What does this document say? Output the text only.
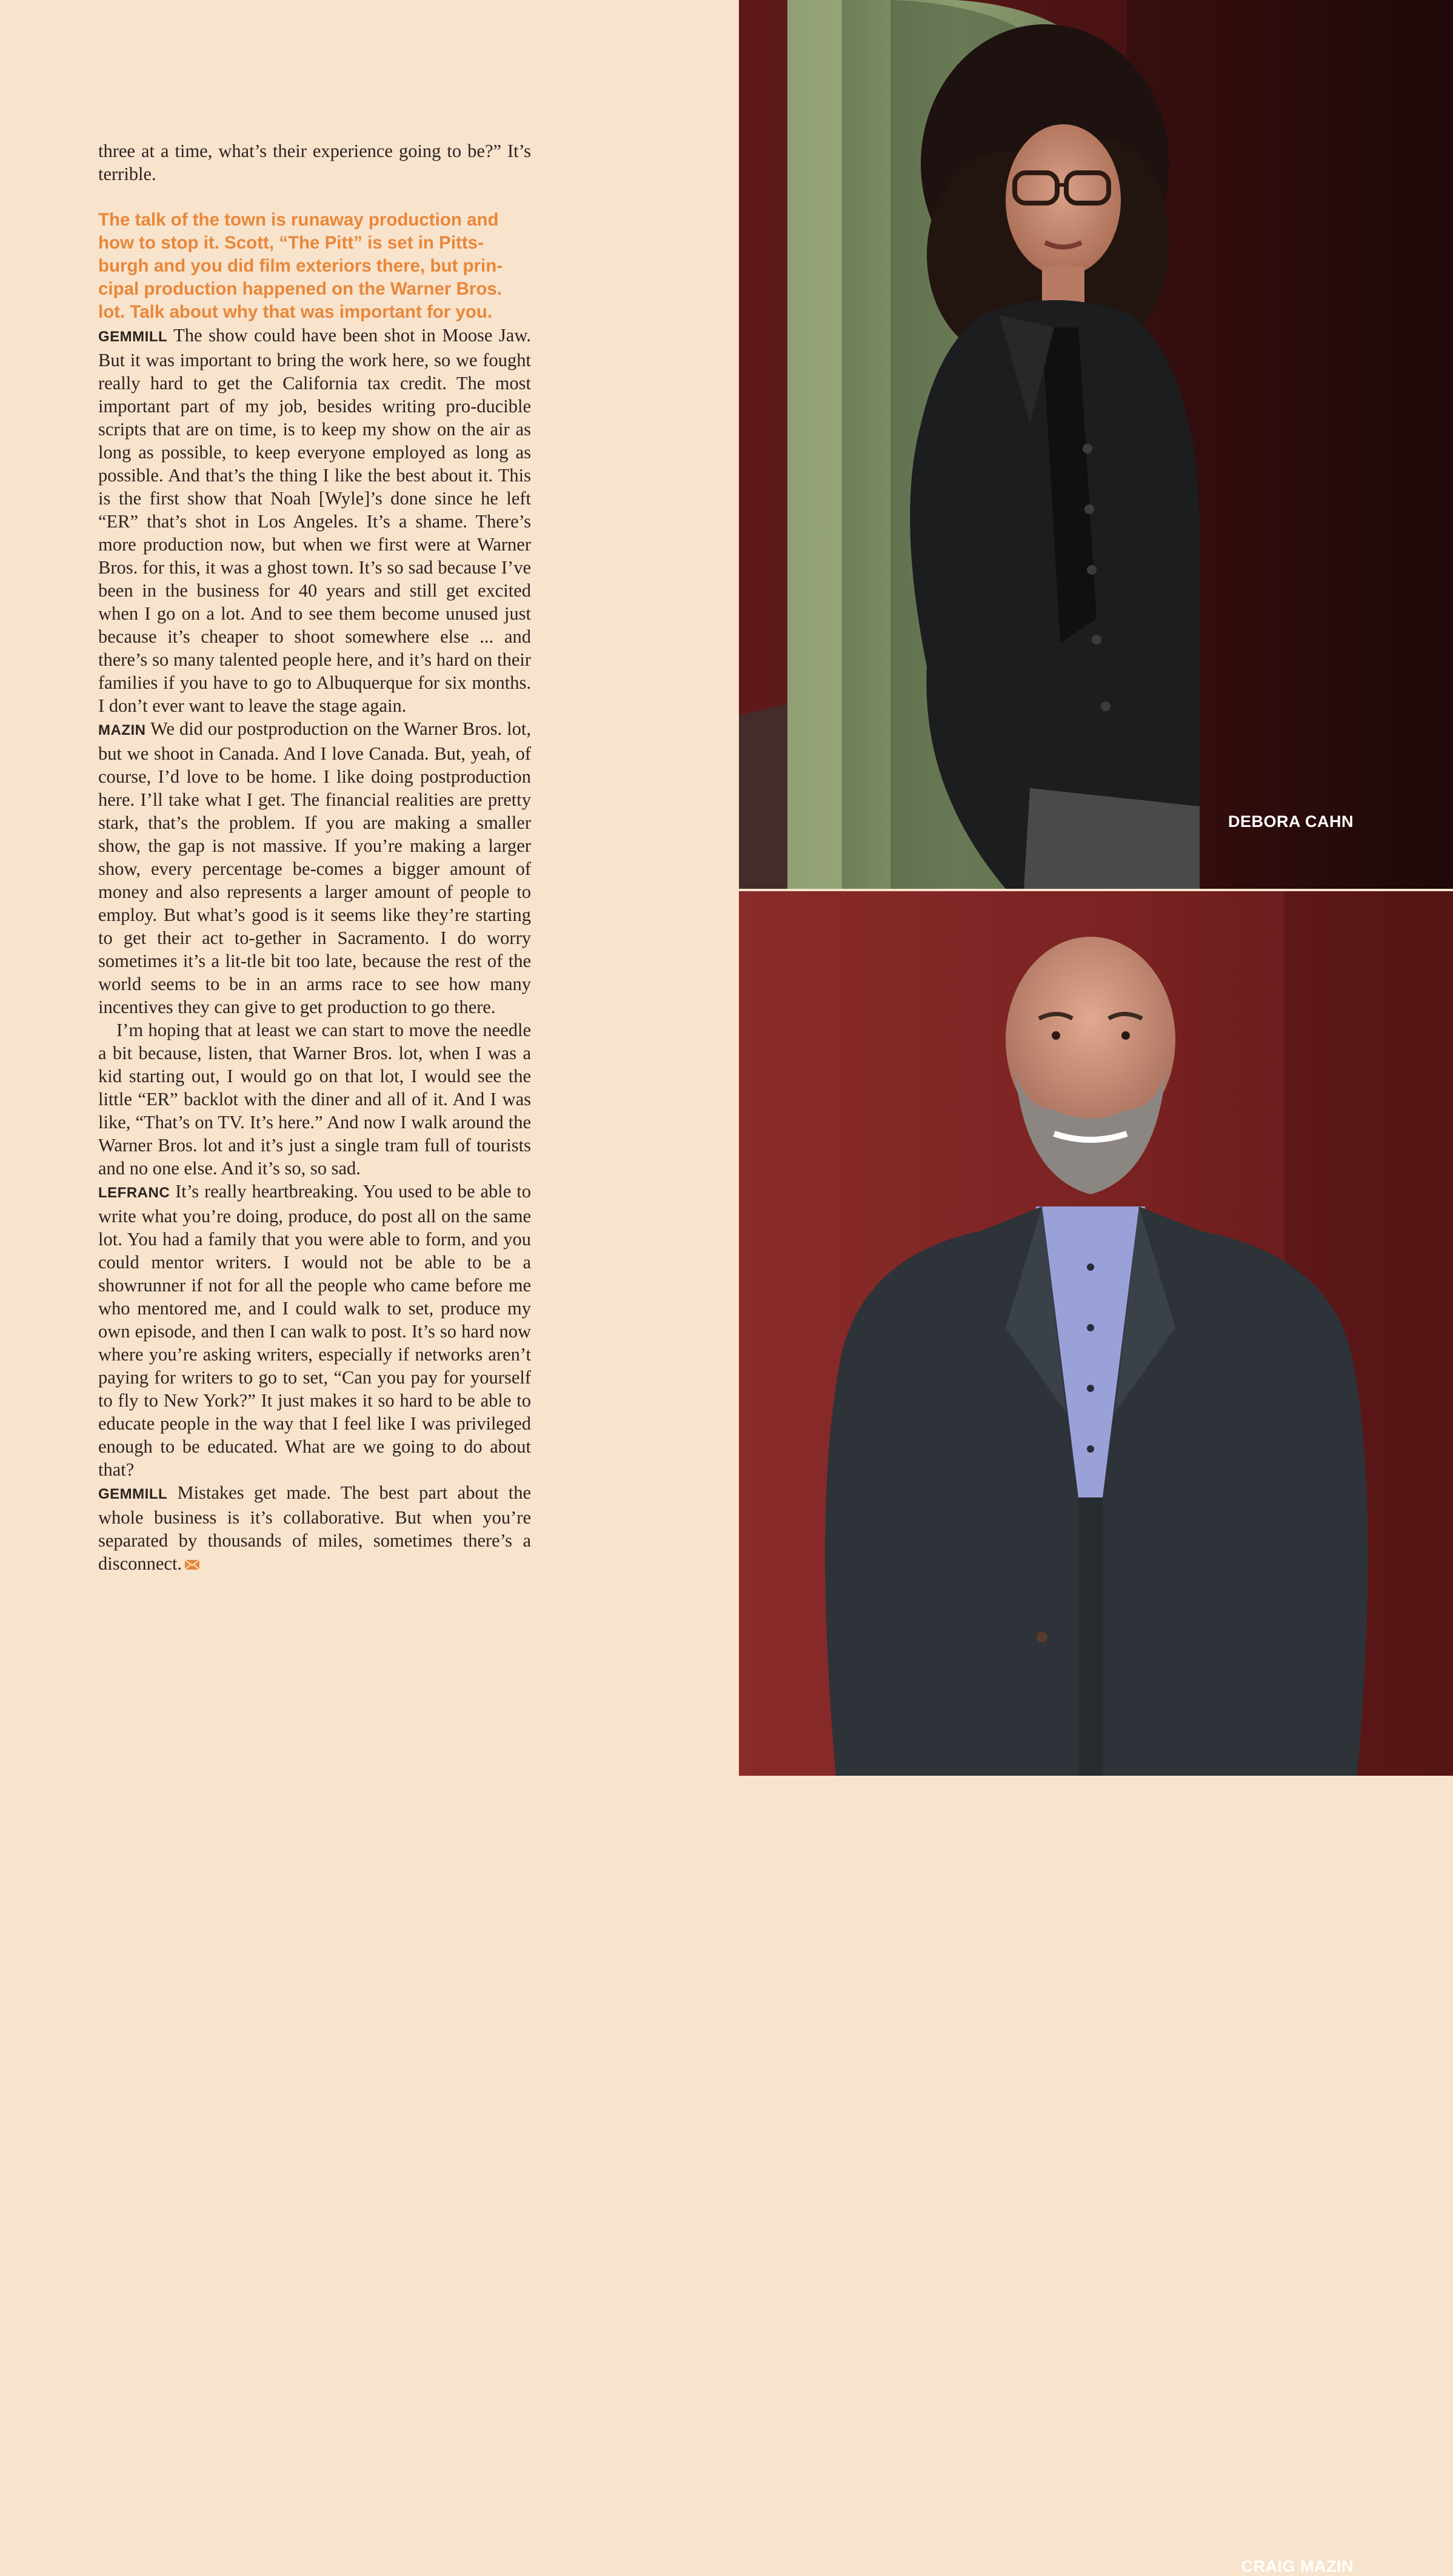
three at a time, what’s their experience going to be?” It’s terrible.

The talk of the town is runaway production and how to stop it. Scott, “The Pitt” is set in Pitts-burgh and you did film exteriors there, but prin-cipal production happened on the Warner Bros. lot. Talk about why that was important for you.

GEMMILL The show could have been shot in Moose Jaw. But it was important to bring the work here, so we fought really hard to get the California tax credit. The most important part of my job, besides writing pro-ducible scripts that are on time, is to keep my show on the air as long as possible, to keep everyone employed as long as possible. And that’s the thing I like the best about it. This is the first show that Noah [Wyle]’s done since he left “ER” that’s shot in Los Angeles. It’s a shame. There’s more production now, but when we first were at Warner Bros. for this, it was a ghost town. It’s so sad because I’ve been in the business for 40 years and still get excited when I go on a lot. And to see them become unused just because it’s cheaper to shoot somewhere else ... and there’s so many talented people here, and it’s hard on their families if you have to go to Albuquerque for six months. I don’t ever want to leave the stage again.

MAZIN We did our postproduction on the Warner Bros. lot, but we shoot in Canada. And I love Canada. But, yeah, of course, I’d love to be home. I like doing postproduction here. I’ll take what I get. The financial realities are pretty stark, that’s the problem. If you are making a smaller show, the gap is not massive. If you’re making a larger show, every percentage be-comes a bigger amount of money and also represents a larger amount of people to employ. But what’s good is it seems like they’re starting to get their act to-gether in Sacramento. I do worry sometimes it’s a lit-tle bit too late, because the rest of the world seems to be in an arms race to see how many incentives they can give to get production to go there.

I’m hoping that at least we can start to move the needle a bit because, listen, that Warner Bros. lot, when I was a kid starting out, I would go on that lot, I would see the little “ER” backlot with the diner and all of it. And I was like, “That’s on TV. It’s here.” And now I walk around the Warner Bros. lot and it’s just a single tram full of tourists and no one else. And it’s so, so sad.

LEFRANC It’s really heartbreaking. You used to be able to write what you’re doing, produce, do post all on the same lot. You had a family that you were able to form, and you could mentor writers. I would not be able to be a showrunner if not for all the people who came before me who mentored me, and I could walk to set, produce my own episode, and then I can walk to post. It’s so hard now where you’re asking writers, especially if networks aren’t paying for writers to go to set, “Can you pay for yourself to fly to New York?” It just makes it so hard to be able to educate people in the way that I feel like I was privileged enough to be educated. What are we going to do about that?

GEMMILL Mistakes get made. The best part about the whole business is it’s collaborative. But when you’re separated by thousands of miles, sometimes there’s a disconnect.

DEBORA CAHN
CRAIG MAZIN
